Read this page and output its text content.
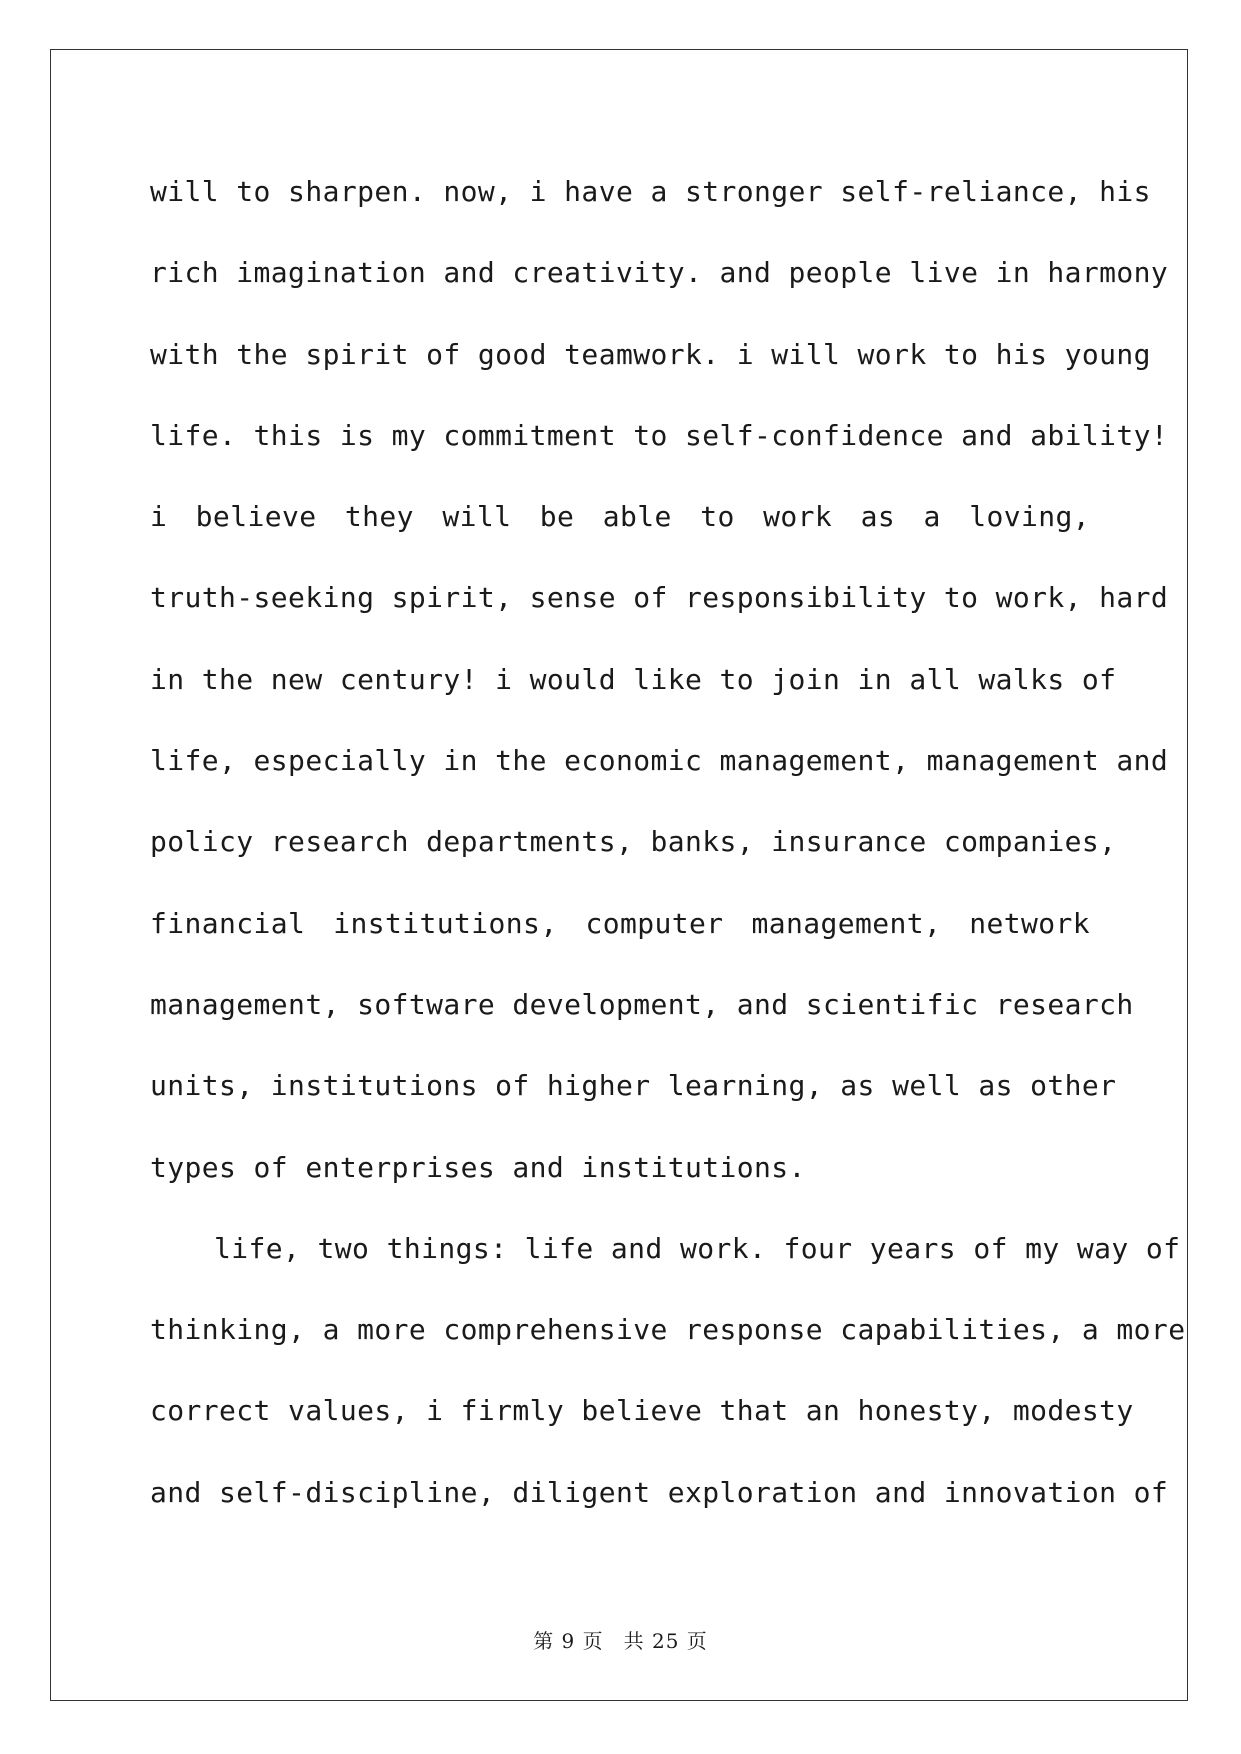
will to sharpen. now, i have a stronger self-reliance, his
rich imagination and creativity. and people live in harmony
with the spirit of good teamwork. i will work to his young
life. this is my commitment to self-confidence and ability!
i believe they will be able to work as a loving,
truth-seeking spirit, sense of responsibility to work, hard
in the new century! i would like to join in all walks of
life, especially in the economic management, management and
policy research departments, banks, insurance companies,
financial institutions, computer management, network
management, software development, and scientific research
units, institutions of higher learning, as well as other
types of enterprises and institutions.
life, two things: life and work. four years of my way of
thinking, a more comprehensive response capabilities, a more
correct values, i firmly believe that an honesty, modesty
and self-discipline, diligent exploration and innovation of
第 9 页 共 25 页
